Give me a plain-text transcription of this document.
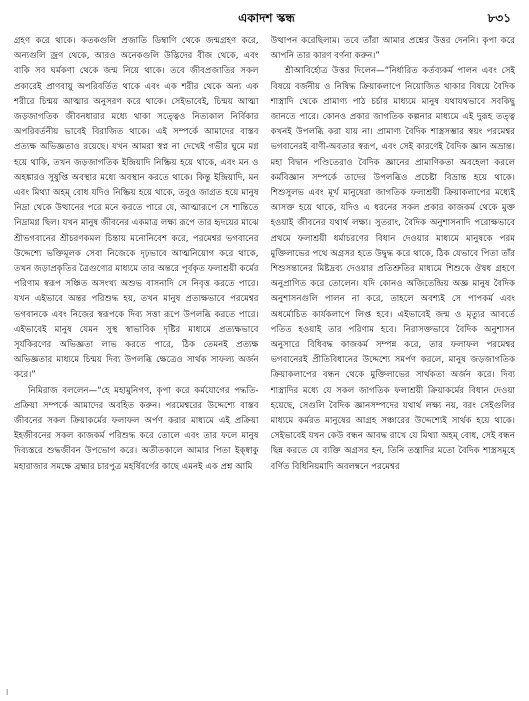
একাদশ স্কন্ধ	৮৩১

গ্রহণ করে থাকে। কতকগুলি প্রজাতি ডিম্বাণি থেকে জন্মগ্রহণ করে, অন্যগুলি জ্রণ থেকে, আরও অনেকগুলি উদ্ভিদের বীজ থেকে, এবং বাকি সব ঘর্মকণা থেকে জন্ম নিয়ে থাকে। তবে জীবপ্রজাতির সকল প্রকারেই প্রাণবায়ু অপরিবর্তিত থাকে এবং এক শরীর থেকে অন্য এক শরীরে চিন্ময় আত্মার অনুসরণ করে থাকে। সেইভাবেই, চিন্ময় আত্মা জড়জাগতিক জীবনধারার মধ্যে থাকা সত্ত্বেও নিত্যকাল নির্বিকার অপরিবর্তনীয় ভাবেই বিরাজিত থাকে। এই সম্পর্কে আমাদের বাস্তব প্রত্যক্ষ অভিজ্ঞতাও রয়েছে। যখন আমরা স্বপ্ন না দেখেই গভীর ঘুমে মগ্ন হয়ে থাকি, তখন জড়জাগতিক ইন্দ্রিয়াদি নিষ্ক্রিয় হয়ে থাকে, এবং মন ও অহঙ্কারও সুষুপ্তি অবস্থার মধ্যে অবস্থান করতে থাকে। কিন্তু ইন্দ্রিয়াদি, মন এবং মিথ্যা অহম্ বোধ যদিও নিষ্ক্রিয় হয়ে থাকে, তবুও জাগ্রত হয়ে মানুষ নিদ্রা থেকে উত্থানের পরে মনে করতে পারে যে, আত্মারূপে সে শান্তিতে নিদ্রামগ্ন ছিল। যখন মানুষ জীবনের একমাত্র লক্ষ্য রূপে তার হৃদয়ের মাঝে শ্রীভগবানের শ্রীচরণকমল চিন্তায় মনোনিবেশ করে, পরমেশ্বর ভগবানের উদ্দেশ্যে ভক্তিমূলক সেবা নিজেকে দৃঢ়ভাবে আত্মনিয়োগ করে থাকে, তখন জড়াপ্রকৃতির ত্রৈগুণ্যের মাধ্যমে তার অন্তরে পূর্বকৃত ফলাশ্রয়ী কর্মের পরিণাম স্বরূপ সঞ্চিত অসংখ্য অশুভ বাসনাদি সে নিবৃত্ত করতে পারে। যখন এইভাবে অন্তর পরিশুদ্ধ হয়, তখন মানুষ প্রত্যক্ষভাবে পরমেশ্বর ভগবানকে এবং নিজের স্বরূপকে দিব্য সত্তা রূপে উপলব্ধি করতে পারে। এইভাবেই মানুষ যেমন সুস্থ স্বাভাবিক দৃষ্টির মাধ্যমে প্রত্যক্ষভাবে সূর্যকিরণের অভিজ্ঞতা লাভ করতে পারে, ঠিক তেমনই প্রত্যক্ষ অভিজ্ঞতার মাধ্যমে চিন্ময় দিব্য উপলব্ধি ক্ষেত্রেও সার্থক সাফল্য অর্জন করে।”

নিমিরাজ বললেন—“হে মহামুনিগণ, কৃপা করে কর্মযোগের পদ্ধতি-প্রক্রিয়া সম্পর্কে আমাদের অবহিত করুন। পরমেশ্বরের উদ্দেশ্যে বাস্তব জীবনের সকল ক্রিয়াকর্মের ফলাফল অর্পণ করার মাধ্যমে এই প্রক্রিয়া ইহজীবনের সকল কাজকর্ম পরিশুদ্ধ করে তোলে এবং তার ফলে মানুষ দিব্যস্তরে শুদ্ধজীবন উপভোগ করে। অতীতকালে আমার পিতা ইক্ষ্বাকু মহারাজার সমক্ষে ব্রহ্মার চারপুত্র মহর্ষিবর্গের কাছে এমনই এক প্রশ্ন আমি

উত্থাপন করেছিলাম। তবে তাঁরা আমার প্রশ্নের উত্তর দেননি। কৃপা করে আপনি তার কারণ বর্ণনা করুন।”

শ্রীআবির্হোত্র উত্তর দিলেন—“নির্ধারিত কর্তব্যকর্ম পালন এবং সেই বিষয়ে বর্জনীয় ও নিষিদ্ধ ক্রিয়াকলাপে নিয়োজিত থাকার বিষয়ে বৈদিক শাস্ত্রাদি থেকে প্রামাণ্য পাঠ চর্চার মাধ্যমে মানুষ যথাযথভাবে সবকিছু জানতে পারে। কোনও প্রকার জাগতিক কল্পনার মাধ্যমে এই দুরূহ তত্ত্ব কখনই উপলব্ধি করা যায় না। প্রামাণ্য বৈদিক শাস্ত্রসম্ভার স্বয়ং পরমেশ্বর ভগবানেরই বাণী-অবতার স্বরূপ, এবং সেই কারণেই বৈদিক জ্ঞান অভ্রান্ত। মহা বিদ্বান পণ্ডিতেরাও বৈদিক জ্ঞানের প্রামাণিকতা অবহেলা করলে কর্মবিজ্ঞান সম্পর্কে তাদের উপলব্ধিও প্রচেষ্টা বিভ্রান্ত হয়ে থাকে। শিশুসুলভ এবং মূর্খ মানুষেরা জাগতিক ফলাশ্রয়ী ক্রিয়াকলাপের মধ্যেই আসক্ত হয়ে থাকে, যদিও এ ধরনের সকল প্রকার কাজকর্ম থেকে মুক্ত হওয়াই জীবনের যথার্থ লক্ষ্য। সুতরাং, বৈদিক অনুশাসনাদি পরোক্ষভাবে প্রথমে ফলাশ্রয়ী ধর্মাচরণের বিধান দেওয়ার মাধ্যমে মানুষকে পরম মুক্তিলাভের পথে অগ্রসর হতে উদ্বুদ্ধ করে থাকে, ঠিক যেভাবে পিতা তাঁর শিশুসন্তানের মিষ্টদ্রব্য দেওয়ার প্রতিশ্রুতির মাধ্যমে শিশুকে ঔষধ গ্রহণে অনুপ্রাণিত করে তোলেন। যদি কোনও অজিতেন্দ্রিয় অজ্ঞ মানুষ বৈদিক অনুশাসনগুলি পালন না করে, তাহলে অবশ্যই সে পাপকর্ম এবং অধর্মোচিত কার্যকলাপে লিপ্ত হবে। এইভাবেই জন্ম ও মৃত্যুর আবর্তে পতিত হওয়াই তার পরিণাম হবে। নিরাসক্তভাবে বৈদিক অনুশাসন অনুসারে বিধিবদ্ধ কাজকর্ম সম্পন্ন করে, তার ফলাফল পরমেশ্বর ভগবানেরই প্রীতিবিধানের উদ্দেশ্যে সমর্পণ করলে, মানুষ জড়জাগতিক ক্রিয়াকলাপের বন্ধন থেকে মুক্তিলাভের সার্থকতা অর্জন করে। দিব্য শাস্ত্রাদির মধ্যে যে সকল জাগতিক ফলাশ্রয়ী ক্রিয়াকর্মের বিধান দেওয়া হয়েছে, সেগুলি বৈদিক জ্ঞানসম্পদের যথার্থ লক্ষ্য নয়, বরং সেইগুলির মাধ্যমে কর্মরত মানুষের আগ্রহ সঞ্চারের উদ্দেশ্যেই সার্থক হয়ে থাকে। সেইভাবেই যখন কেউ বন্ধন আবদ্ধ রাখে যে মিথ্যা অহম্ বোধ, সেই বন্ধন ছিন্ন করতে যে ব্যক্তি অগ্রসর হন, তিনি তন্ত্রাদির মতো বৈদিক শাস্ত্রসমূহে বর্ণিত বিধিনিয়মাদি অবলম্বনে পরমেশ্বর

l
